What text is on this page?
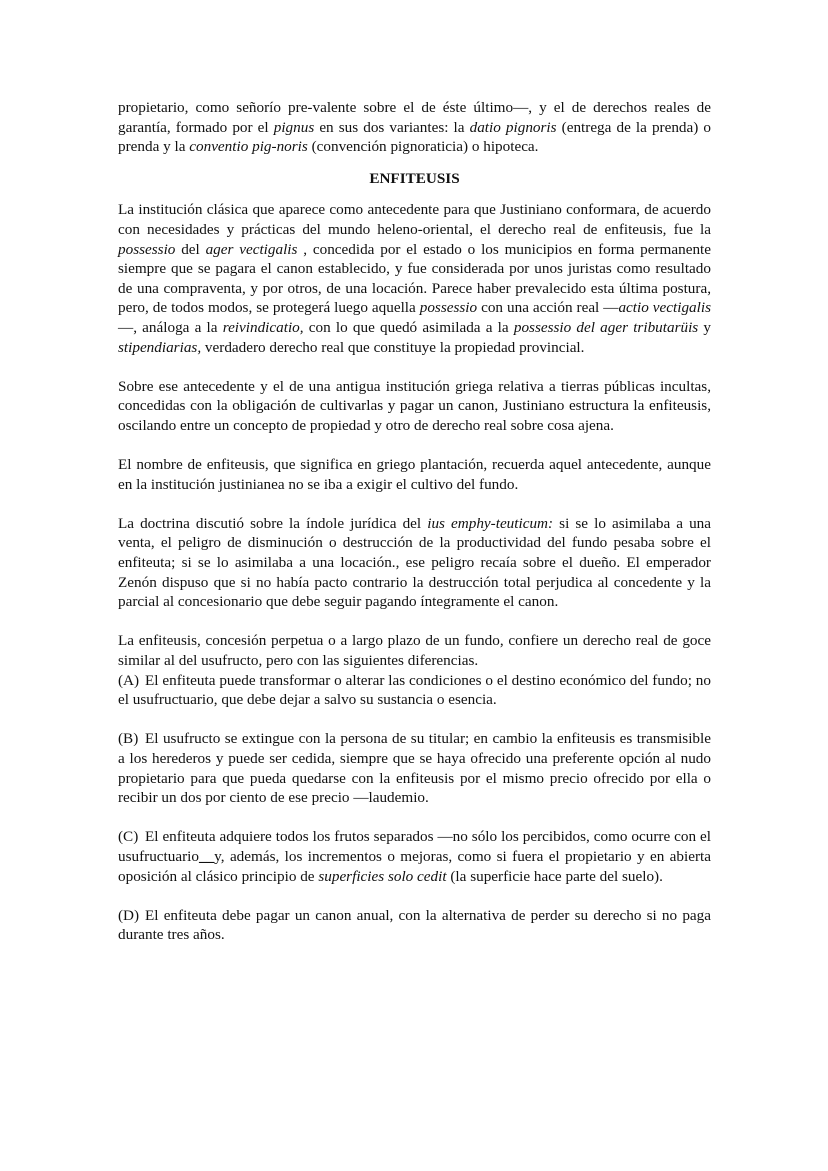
propietario, como señorío pre-valente sobre el de éste último—, y el de derechos reales de garantía, formado por el pignus en sus dos variantes: la datio pignoris (entrega de la prenda) o prenda y la conventio pig-noris (convención pignoraticia) o hipoteca.

ENFITEUSIS

La institución clásica que aparece como antecedente para que Justiniano conformara, de acuerdo con necesidades y prácticas del mundo heleno-oriental, el derecho real de enfiteusis, fue la possessio del ager vectigalis , concedida por el estado o los municipios en forma permanente siempre que se pagara el canon establecido, y fue considerada por unos juristas como resultado de una compraventa, y por otros, de una locación. Parece haber prevalecido esta última postura, pero, de todos modos, se protegerá luego aquella possessio con una acción real —actio vectigalis—, análoga a la reivindicatio, con lo que quedó asimilada a la possessio del ager tributarüis y stipendiarias, verdadero derecho real que constituye la propiedad provincial.

Sobre ese antecedente y el de una antigua institución griega relativa a tierras públicas incultas, concedidas con la obligación de cultivarlas y pagar un canon, Justiniano estructura la enfiteusis, oscilando entre un concepto de propiedad y otro de derecho real sobre cosa ajena.

El nombre de enfiteusis, que significa en griego plantación, recuerda aquel antecedente, aunque en la institución justinianea no se iba a exigir el cultivo del fundo.

La doctrina discutió sobre la índole jurídica del ius emphy-teuticum: si se lo asimilaba a una venta, el peligro de disminución o destrucción de la productividad del fundo pesaba sobre el enfiteuta; si se lo asimilaba a una locación., ese peligro recaía sobre el dueño. El emperador Zenón dispuso que si no había pacto contrario la destrucción total perjudica al concedente y la parcial al concesionario que debe seguir pagando íntegramente el canon.

La enfiteusis, concesión perpetua o a largo plazo de un fundo, confiere un derecho real de goce similar al del usufructo, pero con las siguientes diferencias.

(A) El enfiteuta puede transformar o alterar las condiciones o el destino económico del fundo; no el usufructuario, que debe dejar a salvo su sustancia o esencia.

(B) El usufructo se extingue con la persona de su titular; en cambio la enfiteusis es transmisible a los herederos y puede ser cedida, siempre que se haya ofrecido una preferente opción al nudo propietario para que pueda quedarse con la enfiteusis por el mismo precio ofrecido por ella o recibir un dos por ciento de ese precio —laudemio.

(C) El enfiteuta adquiere todos los frutos separados —no sólo los percibidos, como ocurre con el usufructuario__y, además, los incrementos o mejoras, como si fuera el propietario y en abierta oposición al clásico principio de superficies solo cedit (la superficie hace parte del suelo).

(D) El enfiteuta debe pagar un canon anual, con la alternativa de perder su derecho si no paga durante tres años.
